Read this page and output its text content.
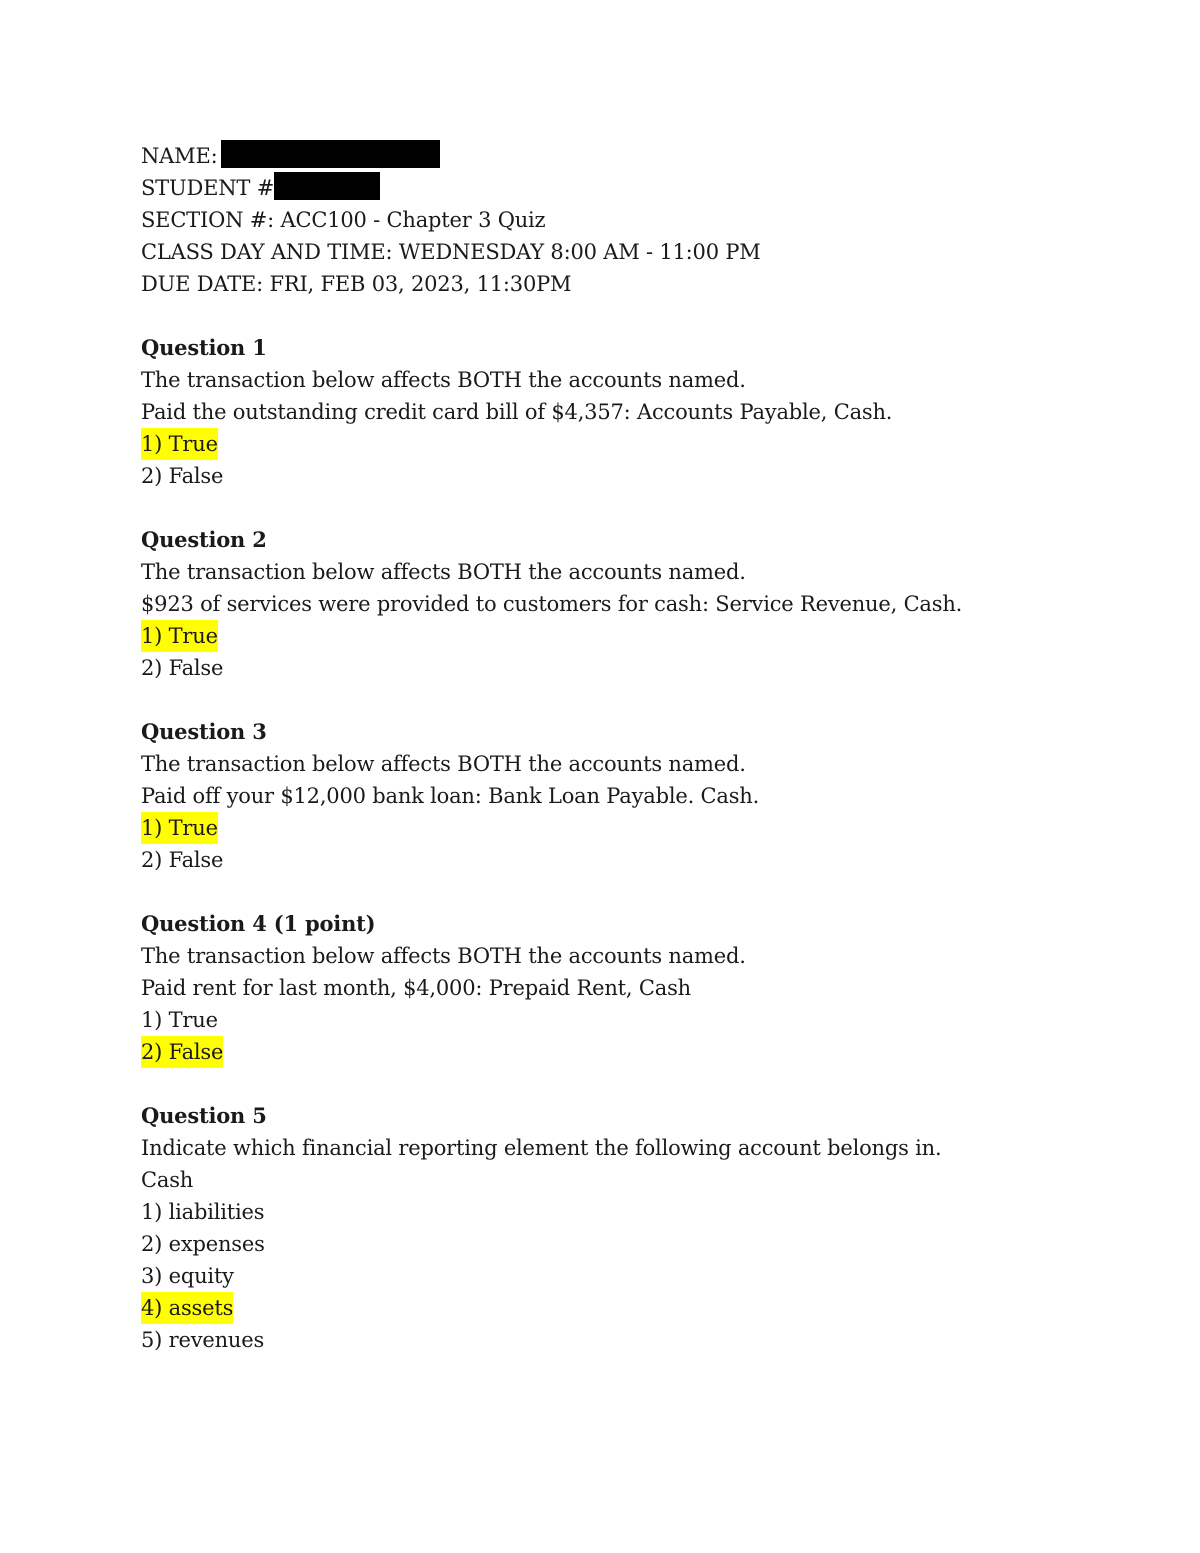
NAME:
STUDENT #
SECTION #: ACC100 - Chapter 3 Quiz
CLASS DAY AND TIME: WEDNESDAY 8:00 AM - 11:00 PM
DUE DATE: FRI, FEB 03, 2023, 11:30PM
Question 1
The transaction below affects BOTH the accounts named.
Paid the outstanding credit card bill of $4,357: Accounts Payable, Cash.
1) True
2) False
Question 2
The transaction below affects BOTH the accounts named.
$923 of services were provided to customers for cash: Service Revenue, Cash.
1) True
2) False
Question 3
The transaction below affects BOTH the accounts named.
Paid off your $12,000 bank loan: Bank Loan Payable. Cash.
1) True
2) False
Question 4 (1 point)
The transaction below affects BOTH the accounts named.
Paid rent for last month, $4,000: Prepaid Rent, Cash
1) True
2) False
Question 5
Indicate which financial reporting element the following account belongs in.
Cash
1) liabilities
2) expenses
3) equity
4) assets
5) revenues
